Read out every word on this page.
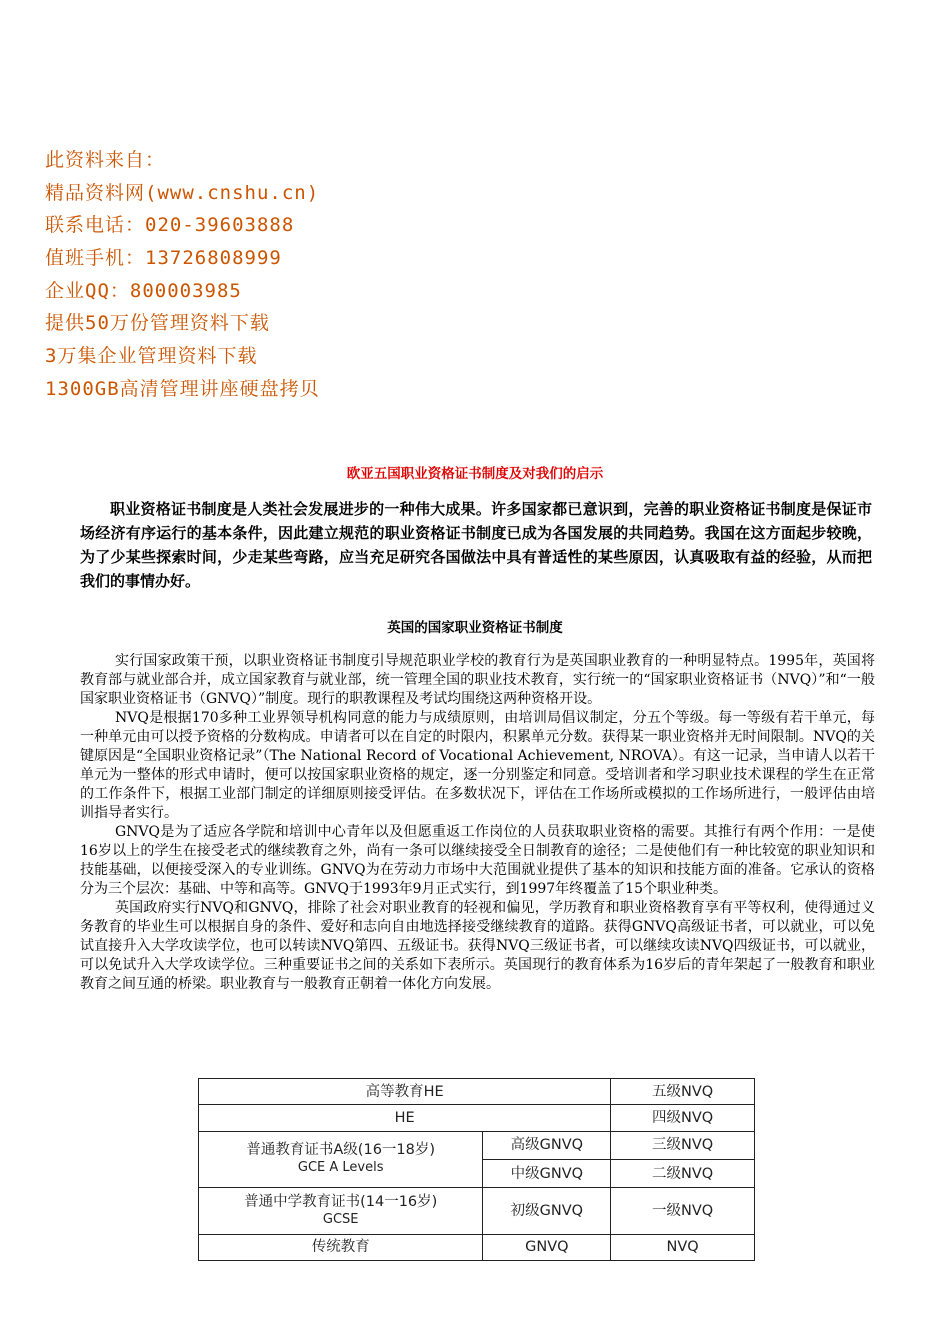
此资料来自：
精品资料网(www.cnshu.cn)
联系电话：020-39603888
值班手机：13726808999
企业QQ：800003985
提供50万份管理资料下载
3万集企业管理资料下载
1300GB高清管理讲座硬盘拷贝
欧亚五国职业资格证书制度及对我们的启示

职业资格证书制度是人类社会发展进步的一种伟大成果。许多国家都已意识到，完善的职业资格证书制度是保证市场经济有序运行的基本条件，因此建立规范的职业资格证书制度已成为各国发展的共同趋势。我国在这方面起步较晚，为了少某些探索时间，少走某些弯路，应当充足研究各国做法中具有普适性的某些原因，认真吸取有益的经验，从而把我们的事情办好。

英国的国家职业资格证书制度

实行国家政策干预，以职业资格证书制度引导规范职业学校的教育行为是英国职业教育的一种明显特点。1995年，英国将教育部与就业部合并，成立国家教育与就业部，统一管理全国的职业技术教育，实行统一的“国家职业资格证书（NVQ）”和“一般国家职业资格证书（GNVQ）”制度。现行的职教课程及考试均围绕这两种资格开设。

NVQ是根据170多种工业界领导机构同意的能力与成绩原则，由培训局倡议制定，分五个等级。每一等级有若干单元，每一种单元由可以授予资格的分数构成。申请者可以在自定的时限内，积累单元分数。获得某一职业资格并无时间限制。NVQ的关键原因是“全国职业资格记录”（The National Record of Vocational Achievement, NROVA）。有这一记录，当申请人以若干单元为一整体的形式申请时，便可以按国家职业资格的规定，逐一分别鉴定和同意。受培训者和学习职业技术课程的学生在正常的工作条件下，根据工业部门制定的详细原则接受评估。在多数状况下，评估在工作场所或模拟的工作场所进行，一般评估由培训指导者实行。

GNVQ是为了适应各学院和培训中心青年以及但愿重返工作岗位的人员获取职业资格的需要。其推行有两个作用：一是使16岁以上的学生在接受老式的继续教育之外，尚有一条可以继续接受全日制教育的途径；二是使他们有一种比较宽的职业知识和技能基础，以便接受深入的专业训练。GNVQ为在劳动力市场中大范围就业提供了基本的知识和技能方面的准备。它承认的资格分为三个层次：基础、中等和高等。GNVQ于1993年9月正式实行，到1997年终覆盖了15个职业种类。

英国政府实行NVQ和GNVQ，排除了社会对职业教育的轻视和偏见，学历教育和职业资格教育享有平等权利，使得通过义务教育的毕业生可以根据自身的条件、爱好和志向自由地选择接受继续教育的道路。获得GNVQ高级证书者，可以就业，可以免试直接升入大学攻读学位，也可以转读NVQ第四、五级证书。获得NVQ三级证书者，可以继续攻读NVQ四级证书，可以就业，可以免试升入大学攻读学位。三种重要证书之间的关系如下表所示。英国现行的教育体系为16岁后的青年架起了一般教育和职业教育之间互通的桥梁。职业教育与一般教育正朝着一体化方向发展。

高等教育HE		五级NVQ
HE		四级NVQ

普通教育证书A级(16一18岁)
GCE A Levels	高级GNVQ	三级NVQ
	中级GNVQ	二级NVQ

普通中学教育证书(14一16岁)
GCSE	初级GNVQ	一级NVQ
传统教育	GNVQ	NVQ
